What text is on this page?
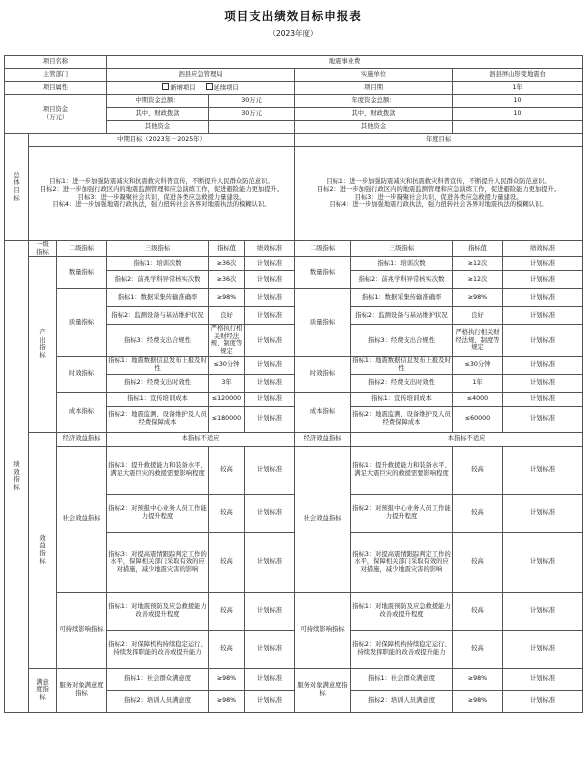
项目支出绩效目标申报表
（2023年度）
项目名称			地震事业费						
主管部门			泗县应急管理局			实施单位		泗县屏山形变地震台	
项目属性			新增项目 延续项目			项目期		1年	
项目资金
（万元）			中期资金总额：	30万元		年度资金总额：		10	
			其中，财政拨款	30万元		其中，财政拨款		10	
			其他资金			其他资金			
总
体
目
标	中期目标（2023年－2025年）					年度目标			
	目标1：进一步加强防震减灾和抗震救灾科普宣传，不断提升人民群众防范意识。
目标2：进一步加强行政区内的地震监测管理和应急演练工作，促进避险能力更加提升。
目标3：进一步凝聚社会共识，促进各类应急救援力量建设。
目标4：进一步加强地震行政执法，强力扭转社会各界对地震执法的模糊认识。					目标1：进一步加强防震减灾和抗震救灾科普宣传，不断提升人民群众防范意识。
目标2：进一步加强行政区内的地震监测管理和应急演练工作，促进避险能力更加提升。
目标3：进一步凝聚社会共识，促进各类应急救援力量建设。
目标4：进一步加强地震行政执法，强力扭转社会各界对地震执法的模糊认识。			
绩
效
指
标	一级
指标	二级指标	三级指标	指标值	绩效标准	二级指标	三级指标	指标值	绩效标准
	产
出
指
标	数量指标	指标1：培训次数	≥36次	计划标准	数量指标	指标1：培训次数	≥12次	计划标准
			指标2：前兆学科异常核实次数	≥36次	计划标准		指标2：前兆学科异常核实次数	≥12次	计划标准
		质量指标	指标1：数据采集传输准确率	≥98%	计划标准	质量指标	指标1：数据采集传输准确率	≥98%	计划标准
			指标2：监测设备与基站维护状况	良好	计划标准		指标2：监测设备与基站维护状况	良好	计划标准
			指标3：经费支出合规性	严格执行相关财经法规、制度等规定	计划标准		指标3：经费支出合规性	严格执行相关财经法规、制度等规定	计划标准
		时效指标	指标1：地震数据信息发布上报及时性	≤30分钟	计划标准	时效指标	指标1：地震数据信息发布上报及时性	≤30分钟	计划标准
			指标2：经费支出时效性	3年	计划标准		指标2：经费支出时效性	1年	计划标准
		成本指标	指标1：宣传培训成本	≤120000	计划标准	成本指标	指标1：宣传培训成本	≤4000	计划标准
			指标2：地震监测、设备维护及人员经费保障成本	≤180000	计划标准		指标2：地震监测、设备维护及人员经费保障成本	≤60000	计划标准
	效
益
指
标	经济效益指标	本指标不适应			经济效益指标	本指标不适应		
		社会效益指标	指标1：提升救援能力和装备水平、满足大震巨灾的救援需要影响程度	较高	计划标准	社会效益指标	指标1：提升救援能力和装备水平、满足大震巨灾的救援需要影响程度	较高	计划标准
			指标2：对预报中心业务人员工作能力提升程度	较高	计划标准		指标2：对预报中心业务人员工作能力提升程度	较高	计划标准
			指标3：对提高震情跟踪判定工作的水平，保障相关部门采取有效的应对措施，减少地震灾害的影响	较高	计划标准		指标3：对提高震情跟踪判定工作的水平，保障相关部门采取有效的应对措施，减少地震灾害的影响	较高	计划标准
		可持续影响指标	指标1：对地震预防及应急救援能力改善或提升程度	较高	计划标准	可持续影响指标	指标1：对地震预防及应急救援能力改善或提升程度	较高	计划标准
			指标2：对保障机构持续稳定运行、持续发挥职能的改善或提升能力	较高	计划标准		指标2：对保障机构持续稳定运行、持续发挥职能的改善或提升能力	较高	计划标准
	满意
度指
标	服务对象满意度指标	指标1：社会群众满意度	≥98%	计划标准	服务对象满意度指标	指标1：社会群众满意度	≥98%	计划标准
			指标2：培训人员满意度	≥98%	计划标准		指标2：培训人员满意度	≥98%	计划标准
